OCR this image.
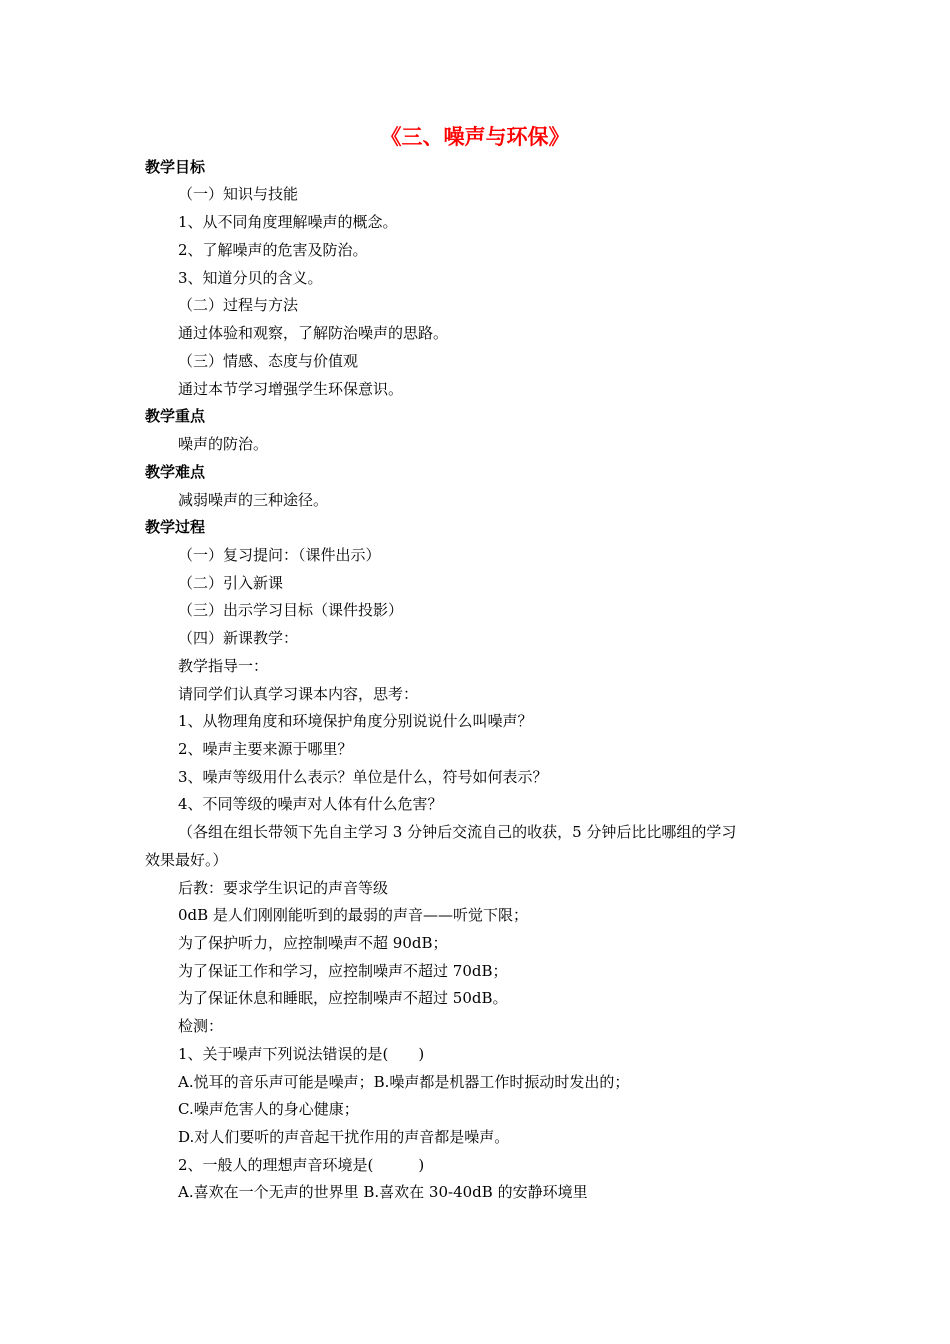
《三、噪声与环保》
教学目标
（一）知识与技能
1、从不同角度理解噪声的概念。
2、了解噪声的危害及防治。
3、知道分贝的含义。
（二）过程与方法
通过体验和观察，了解防治噪声的思路。
（三）情感、态度与价值观
通过本节学习增强学生环保意识。
教学重点
噪声的防治。
教学难点
减弱噪声的三种途径。
教学过程
（一）复习提问：（课件出示）
（二）引入新课
（三）出示学习目标（课件投影）
（四）新课教学：
教学指导一：
请同学们认真学习课本内容，思考：
1、从物理角度和环境保护角度分别说说什么叫噪声？
2、噪声主要来源于哪里？
3、噪声等级用什么表示？单位是什么，符号如何表示？
4、不同等级的噪声对人体有什么危害？
（各组在组长带领下先自主学习 3 分钟后交流自己的收获，5 分钟后比比哪组的学习
效果最好。）
后教：要求学生识记的声音等级
0dB 是人们刚刚能听到的最弱的声音——听觉下限；
为了保护听力，应控制噪声不超 90dB；
为了保证工作和学习，应控制噪声不超过 70dB；
为了保证休息和睡眠，应控制噪声不超过 50dB。
检测：
1、关于噪声下列说法错误的是(　　)
A.悦耳的音乐声可能是噪声；B.噪声都是机器工作时振动时发出的；
C.噪声危害人的身心健康；
D.对人们要听的声音起干扰作用的声音都是噪声。
2、一般人的理想声音环境是(　　　)
A.喜欢在一个无声的世界里 B.喜欢在 30-40dB 的安静环境里
